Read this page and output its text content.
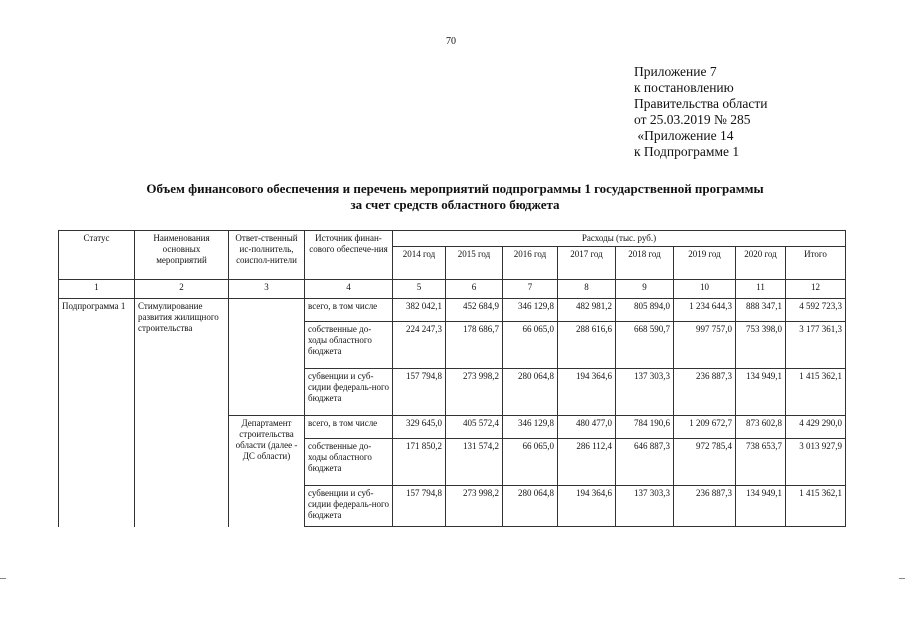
70
Приложение 7
к постановлению
Правительства области
от 25.03.2019 № 285
«Приложение 14
к Подпрограмме 1
Объем финансового обеспечения и перечень мероприятий подпрограммы 1 государственной программы
за счет средств областного бюджета
Статус	Наименования основных мероприятий	Ответ-ственный ис-полнитель, соиспол-нители	Источник финан-сового обеспече-ния	Расходы (тыс. руб.)							
				2014 год	2015 год	2016 год	2017 год	2018 год	2019 год	2020 год	Итого
1	2	3	4	5	6	7	8	9	10	11	12
Подпрограмма 1	Стимулирование развития жилищного строительства		всего, в том числе	382 042,1	452 684,9	346 129,8	482 981,2	805 894,0	1 234 644,3	888 347,1	4 592 723,3
			собственные до-ходы областного бюджета	224 247,3	178 686,7	66 065,0	288 616,6	668 590,7	997 757,0	753 398,0	3 177 361,3
			субвенции и суб-сидии федераль-ного бюджета	157 794,8	273 998,2	280 064,8	194 364,6	137 303,3	236 887,3	134 949,1	1 415 362,1
		Департамент строительства области (далее - ДС области)	всего, в том числе	329 645,0	405 572,4	346 129,8	480 477,0	784 190,6	1 209 672,7	873 602,8	4 429 290,0
			собственные до-ходы областного бюджета	171 850,2	131 574,2	66 065,0	286 112,4	646 887,3	972 785,4	738 653,7	3 013 927,9
			субвенции и суб-сидии федераль-ного бюджета	157 794,8	273 998,2	280 064,8	194 364,6	137 303,3	236 887,3	134 949,1	1 415 362,1
